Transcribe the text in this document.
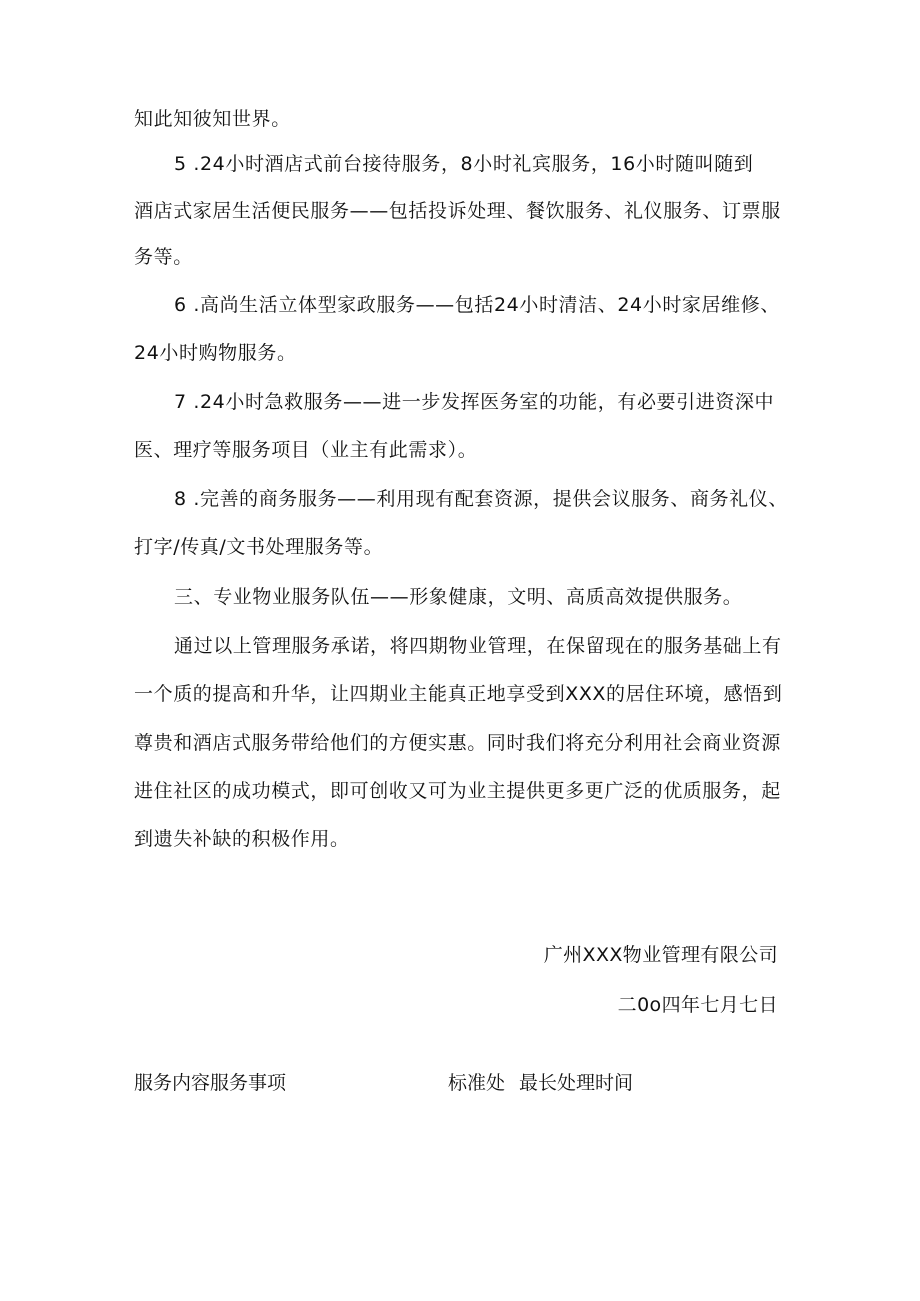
知此知彼知世界。
5 .24小时酒店式前台接待服务，8小时礼宾服务，16小时随叫随到
酒店式家居生活便民服务——包括投诉处理、餐饮服务、礼仪服务、订票服
务等。
6 .高尚生活立体型家政服务——包括24小时清洁、24小时家居维修、
24小时购物服务。
7 .24小时急救服务——进一步发挥医务室的功能，有必要引进资深中
医、理疗等服务项目（业主有此需求）。
8 .完善的商务服务——利用现有配套资源，提供会议服务、商务礼仪、
打字/传真/文书处理服务等。
三、专业物业服务队伍——形象健康，文明、高质高效提供服务。
通过以上管理服务承诺，将四期物业管理，在保留现在的服务基础上有
一个质的提高和升华，让四期业主能真正地享受到XXX的居住环境，感悟到
尊贵和酒店式服务带给他们的方便实惠。同时我们将充分利用社会商业资源
进住社区的成功模式，即可创收又可为业主提供更多更广泛的优质服务，起
到遗失补缺的积极作用。
广州XXX物业管理有限公司
二0o四年七月七日
服务内容服务事项	标准处 最长处理时间
